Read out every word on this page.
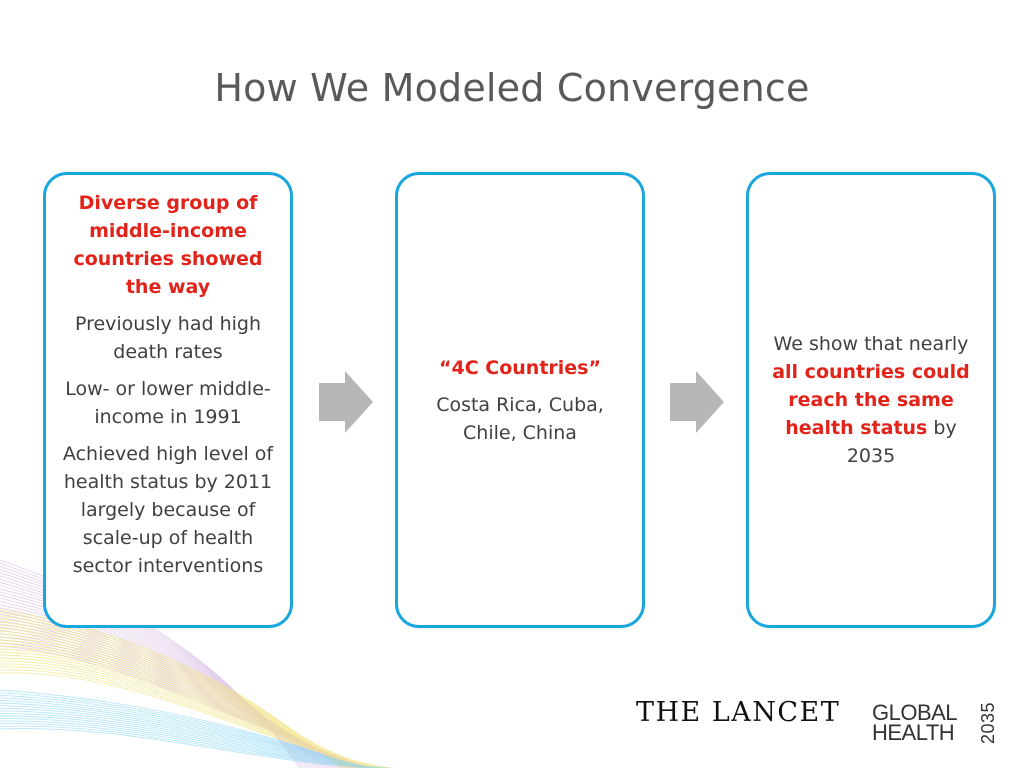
How We Modeled Convergence

Diverse group of middle-income countries showed the way

Previously had high death rates

Low- or lower middle-income in 1991

Achieved high level of health status by 2011 largely because of scale-up of health sector interventions

“4C Countries”

Costa Rica, Cuba, Chile, China

We show that nearly all countries could reach the same health status by 2035

THE LANCET GLOBAL
HEALTH 2035
